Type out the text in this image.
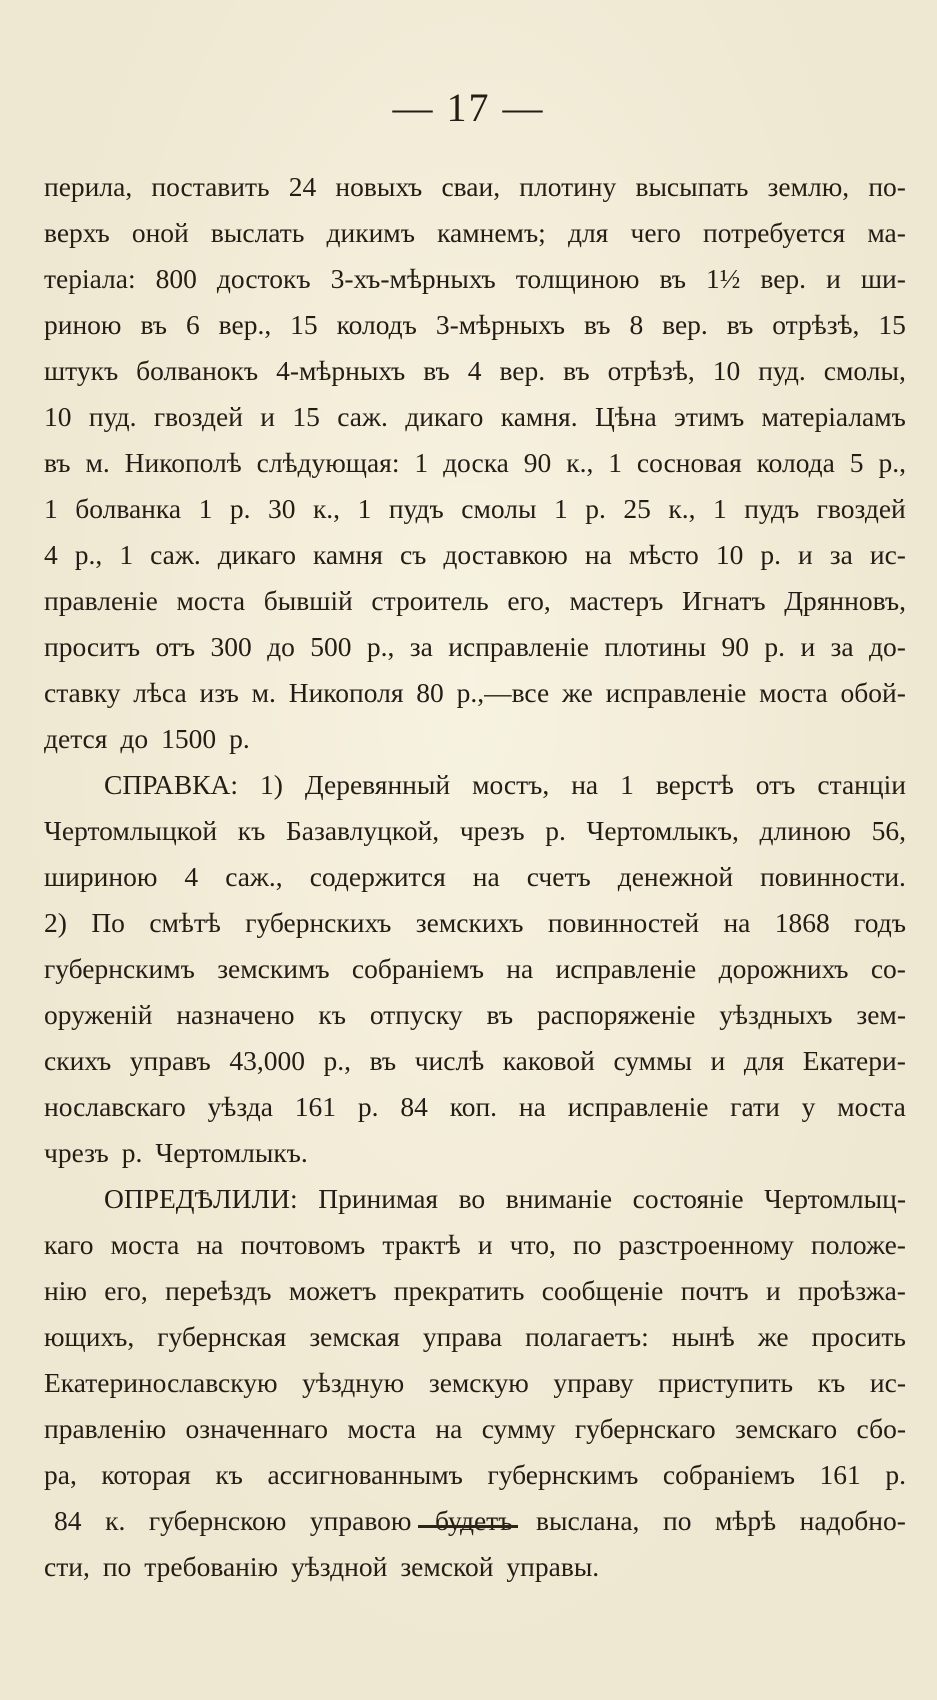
— 17 —
перила, поставить 24 новыхъ сваи, плотину высыпать землю, по-
верхъ оной выслать дикимъ камнемъ; для чего потребуется ма-
теріала: 800 достокъ 3-хъ-мѣрныхъ толщиною въ 1½ вер. и ши-
риною въ 6 вер., 15 колодъ 3-мѣрныхъ въ 8 вер. въ отрѣзѣ, 15
штукъ болванокъ 4-мѣрныхъ въ 4 вер. въ отрѣзѣ, 10 пуд. смолы,
10 пуд. гвоздей и 15 саж. дикаго камня. Цѣна этимъ матеріаламъ
въ м. Никополѣ слѣдующая: 1 доска 90 к., 1 сосновая колода 5 р.,
1 болванка 1 р. 30 к., 1 пудъ смолы 1 р. 25 к., 1 пудъ гвоздей
4 р., 1 саж. дикаго камня съ доставкою на мѣсто 10 р. и за ис-
правленіе моста бывшій строитель его, мастеръ Игнатъ Дрянновъ,
проситъ отъ 300 до 500 р., за исправленіе плотины 90 р. и за до-
ставку лѣса изъ м. Никополя 80 р.,—все же исправленіе моста обой-
дется до 1500 р.
СПРАВКА: 1) Деревянный мостъ, на 1 верстѣ отъ станціи
Чертомлыцкой къ Базавлуцкой, чрезъ р. Чертомлыкъ, длиною 56,
шириною 4 саж., содержится на счетъ денежной повинности.
2) По смѣтѣ губернскихъ земскихъ повинностей на 1868 годъ
губернскимъ земскимъ собраніемъ на исправленіе дорожнихъ со-
оруженій назначено къ отпуску въ распоряженіе уѣздныхъ зем-
скихъ управъ 43,000 р., въ числѣ каковой суммы и для Екатери-
нославскаго уѣзда 161 р. 84 коп. на исправленіе гати у моста
чрезъ р. Чертомлыкъ.
ОПРЕДѢЛИЛИ: Принимая во вниманіе состояніе Чертомлыц-
каго моста на почтовомъ трактѣ и что, по разстроенному положе-
нію его, переѣздъ можетъ прекратить сообщеніе почтъ и проѣзжа-
ющихъ, губернская земская управа полагаетъ: нынѣ же просить
Екатеринославскую уѣздную земскую управу приступить къ ис-
правленію означеннаго моста на сумму губернскаго земскаго сбо-
ра, которая къ ассигнованнымъ губернскимъ собраніемъ 161 р.
84 к. губернскою управою будетъ выслана, по мѣрѣ надобно-
сти, по требованію уѣздной земской управы.
